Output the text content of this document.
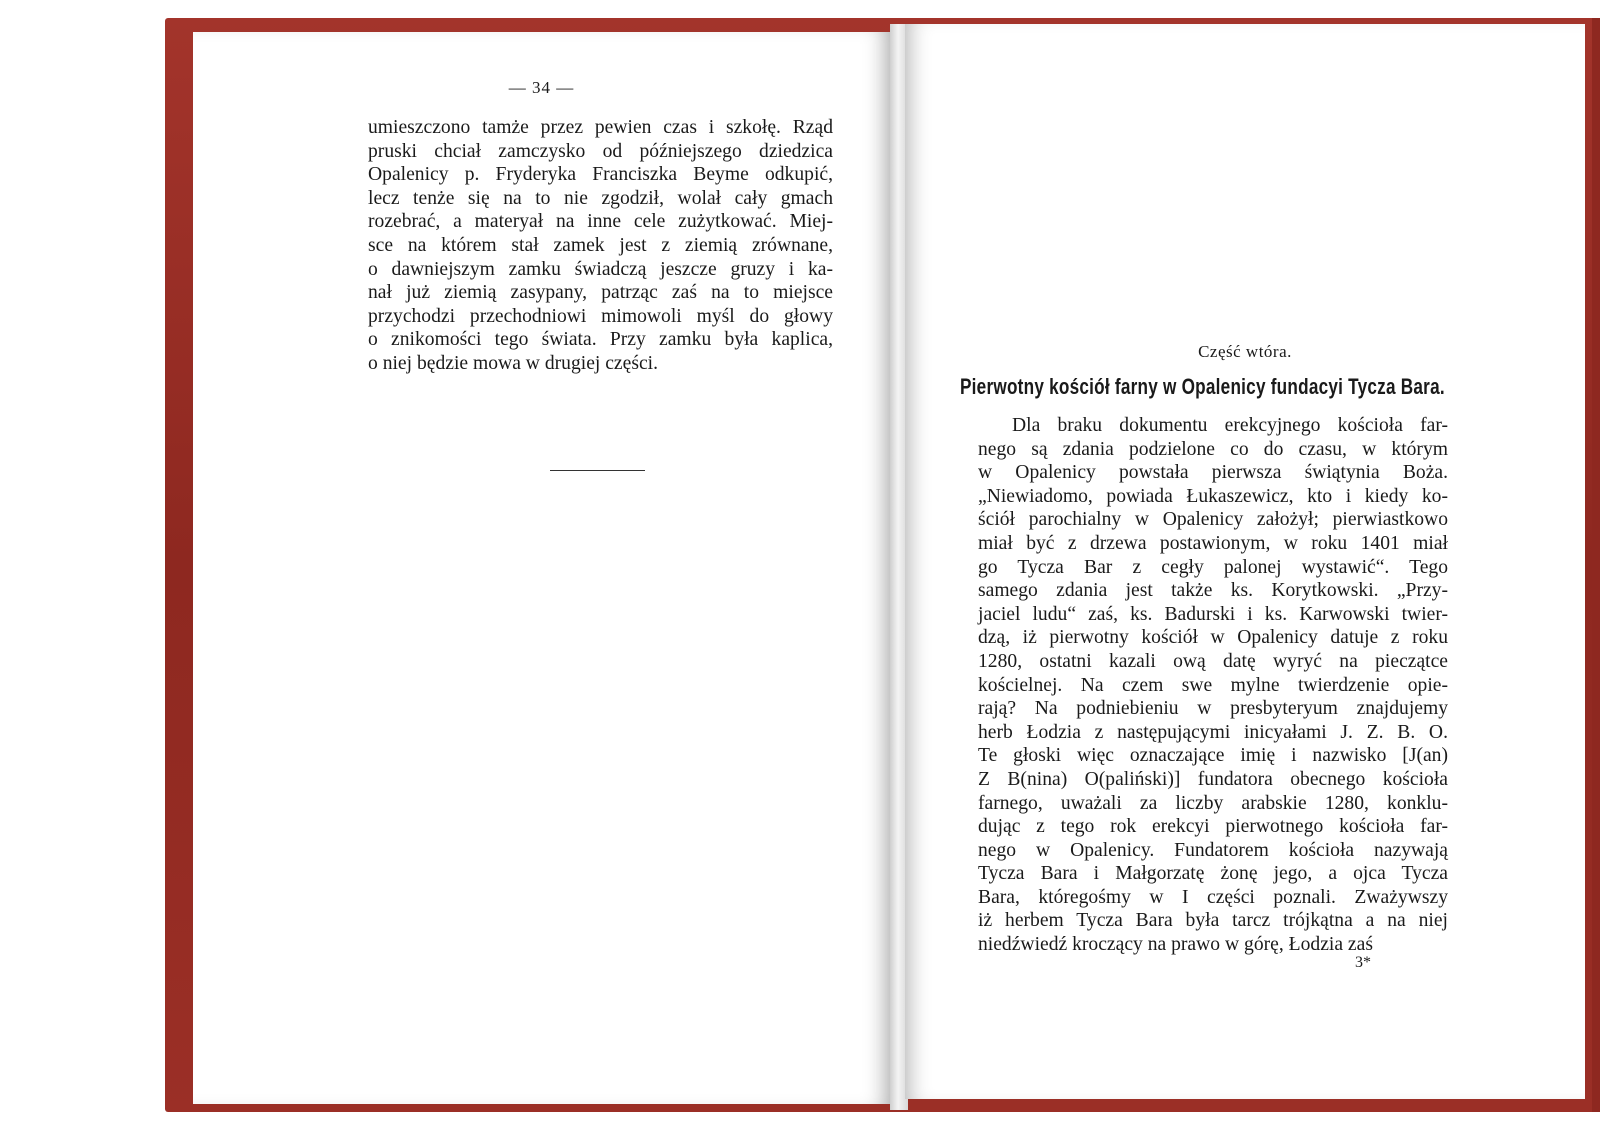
— 34 —

umieszczono tamże przez pewien czas i szkołę. Rząd
pruski chciał zamczysko od późniejszego dziedzica
Opalenicy p. Fryderyka Franciszka Beyme odkupić,
lecz tenże się na to nie zgodził, wolał cały gmach
rozebrać, a materyał na inne cele zużytkować. Miej-
sce na którem stał zamek jest z ziemią zrównane,
o dawniejszym zamku świadczą jeszcze gruzy i ka-
nał już ziemią zasypany, patrząc zaś na to miejsce
przychodzi przechodniowi mimowoli myśl do głowy
o znikomości tego świata. Przy zamku była kaplica,
o niej będzie mowa w drugiej części.

Część wtóra.
Pierwotny kościół farny w Opalenicy fundacyi Tycza Bara.

Dla braku dokumentu erekcyjnego kościoła far-
nego są zdania podzielone co do czasu, w którym
w Opalenicy powstała pierwsza świątynia Boża.
„Niewiadomo, powiada Łukaszewicz, kto i kiedy ko-
ściół parochialny w Opalenicy założył; pierwiastkowo
miał być z drzewa postawionym, w roku 1401 miał
go Tycza Bar z cegły palonej wystawić“. Tego
samego zdania jest także ks. Korytkowski. „Przy-
jaciel ludu“ zaś, ks. Badurski i ks. Karwowski twier-
dzą, iż pierwotny kościół w Opalenicy datuje z roku
1280, ostatni kazali ową datę wyryć na pieczątce
kościelnej. Na czem swe mylne twierdzenie opie-
rają? Na podniebieniu w presbyteryum znajdujemy
herb Łodzia z następującymi inicyałami J. Z. B. O.
Te głoski więc oznaczające imię i nazwisko [J(an)
Z B(nina) O(paliński)] fundatora obecnego kościoła
farnego, uważali za liczby arabskie 1280, konklu-
dując z tego rok erekcyi pierwotnego kościoła far-
nego w Opalenicy. Fundatorem kościoła nazywają
Tycza Bara i Małgorzatę żonę jego, a ojca Tycza
Bara, któregośmy w I części poznali. Zważywszy
iż herbem Tycza Bara była tarcz trójkątna a na niej
niedźwiedź kroczący na prawo w górę, Łodzia zaś

3*
